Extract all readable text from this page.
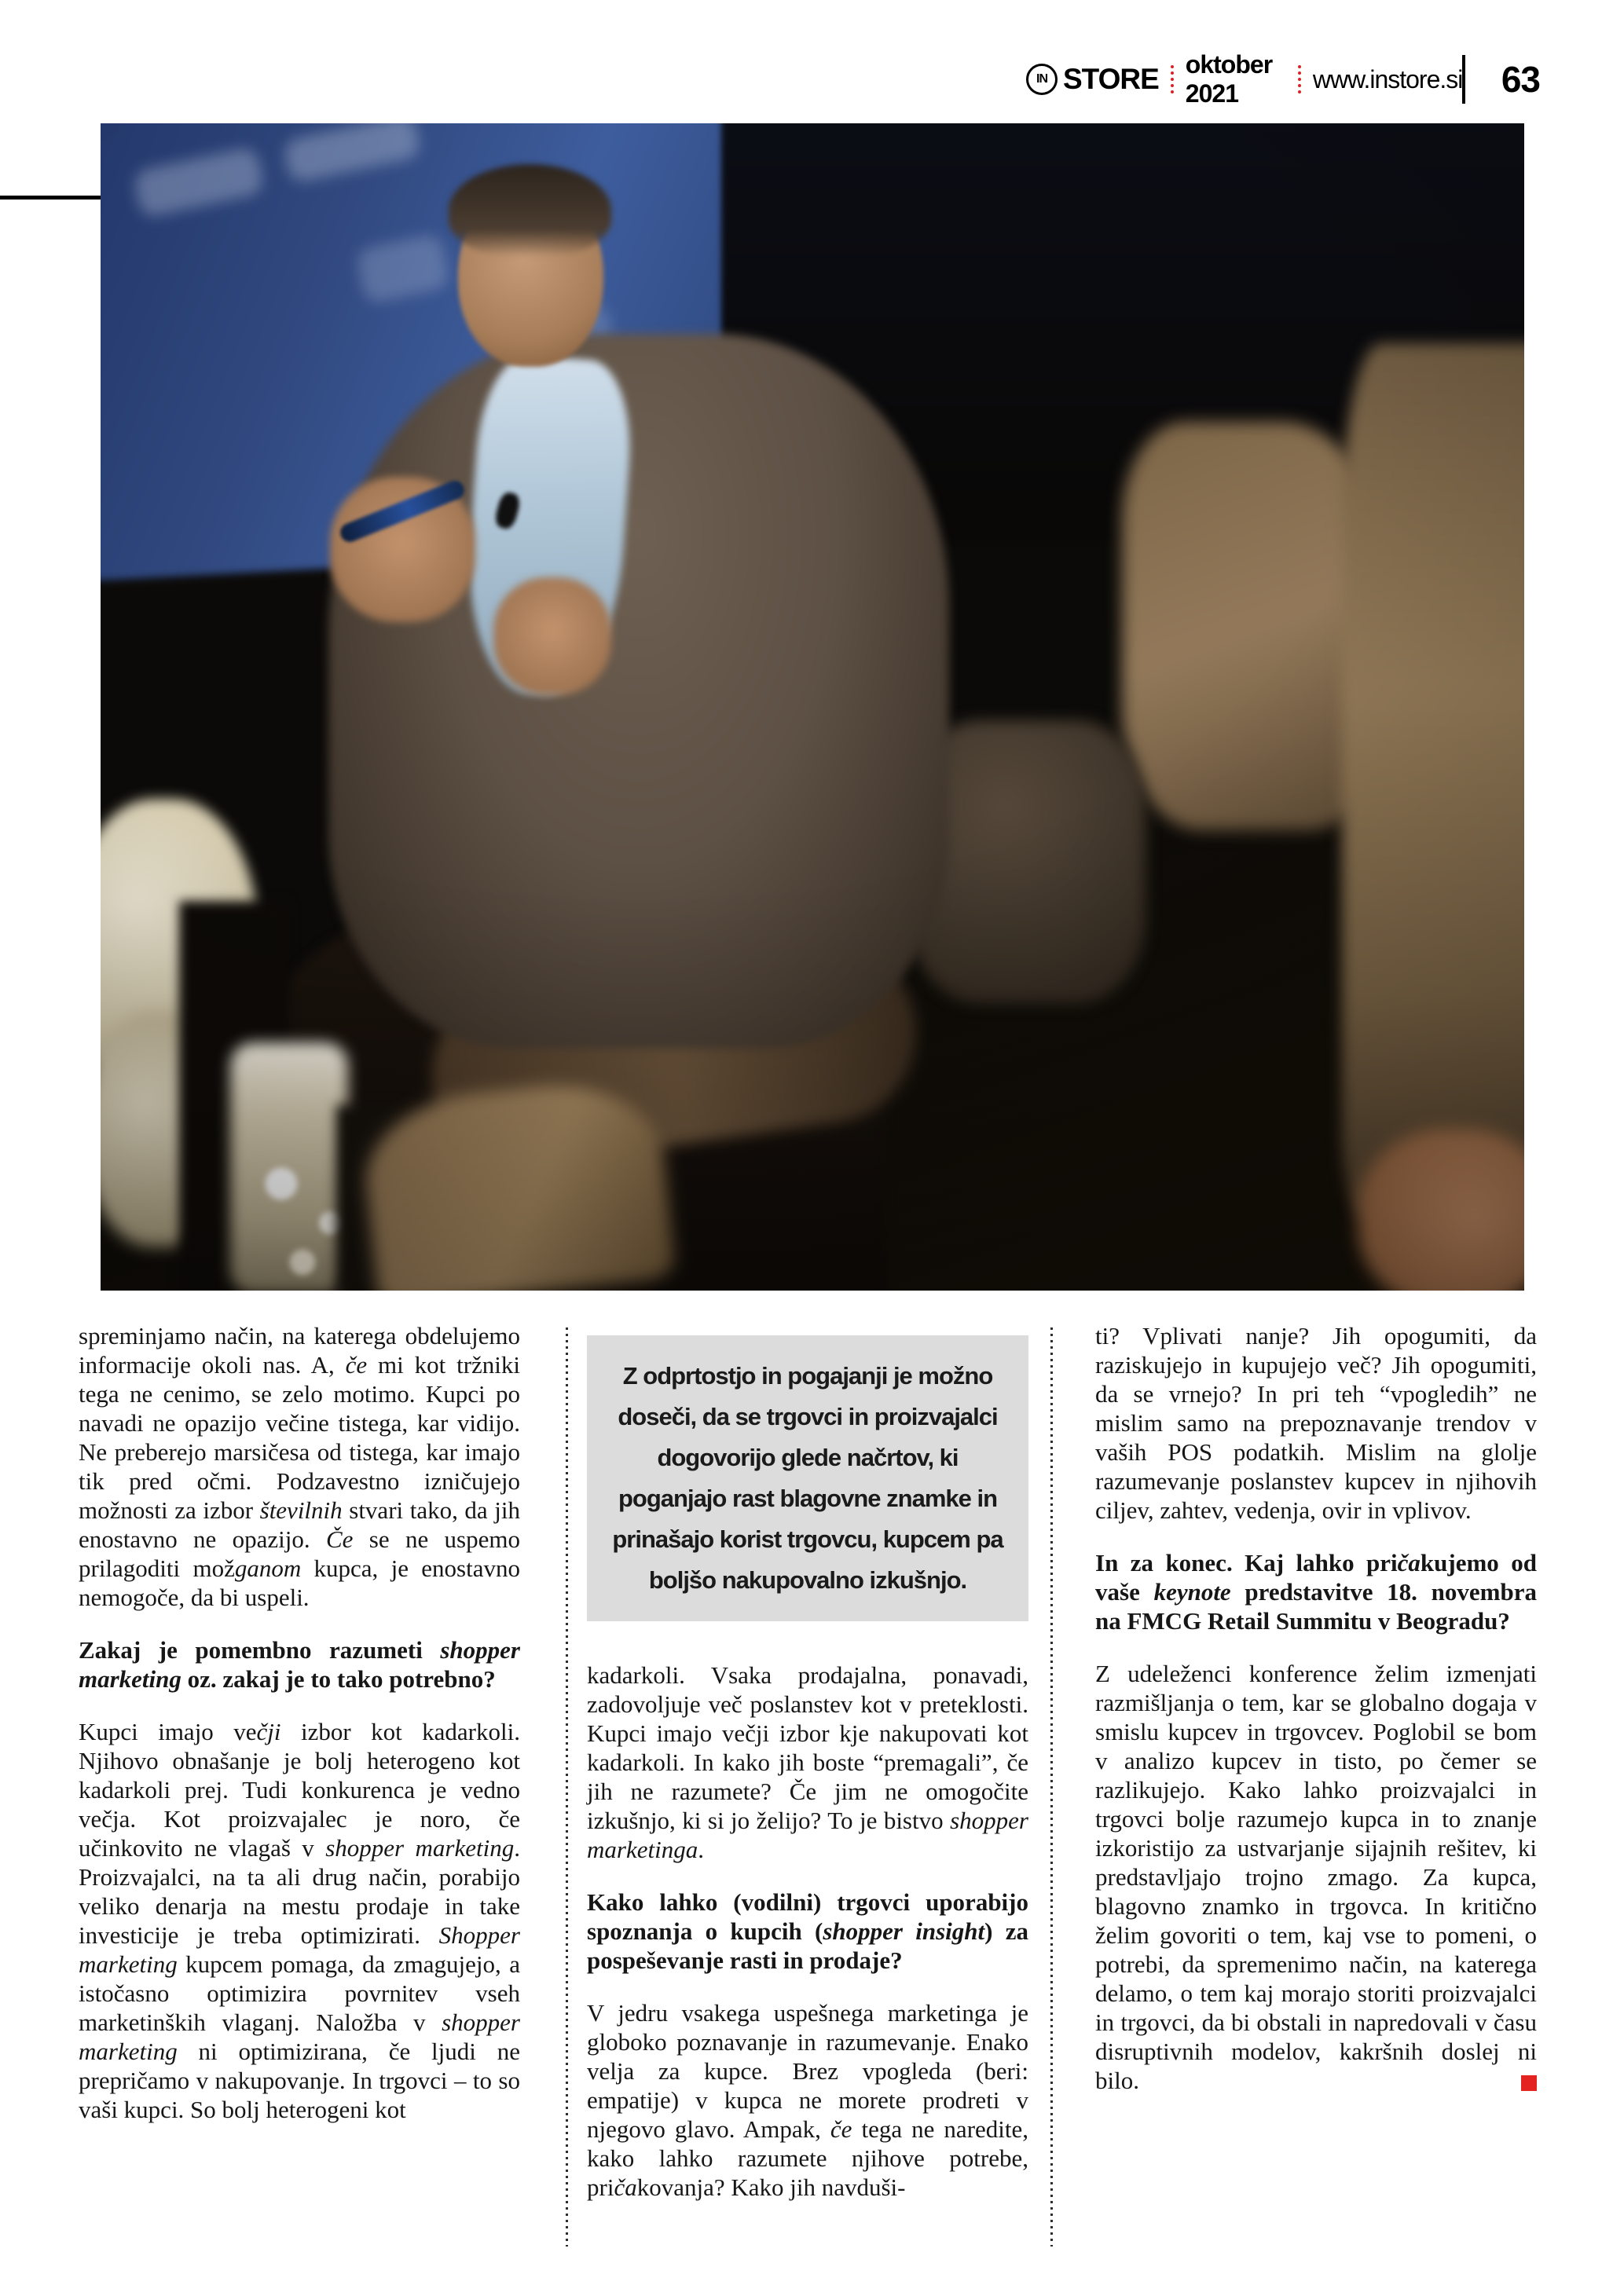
IN STORE oktober 2021
www.instore.si 63

spreminjamo način, na katerega obdelujemo informacije okoli nas. A, če mi kot tržniki tega ne cenimo, se zelo motimo. Kupci po navadi ne opazijo večine tistega, kar vidijo. Ne preberejo marsičesa od tistega, kar imajo tik pred očmi. Podzavestno izničujejo možnosti za izbor številnih stvari tako, da jih enostavno ne opazijo. Če se ne uspemo prilagoditi možganom kupca, je enostavno nemogoče, da bi uspeli.

Zakaj je pomembno razumeti shopper marketing oz. zakaj je to tako potrebno?

Kupci imajo večji izbor kot kadarkoli. Njihovo obnašanje je bolj heterogeno kot kadarkoli prej. Tudi konkurenca je vedno večja. Kot proizvajalec je noro, če učinkovito ne vlagaš v shopper marketing. Proizvajalci, na ta ali drug način, porabijo veliko denarja na mestu prodaje in take investicije je treba optimizirati. Shopper marketing kupcem pomaga, da zmagujejo, a istočasno optimizira povrnitev vseh marketinških vlaganj. Naložba v shopper marketing ni optimizirana, če ljudi ne prepričamo v nakupovanje. In trgovci – to so vaši kupci. So bolj heterogeni kot

Z odprtostjo in pogajanji je možno doseči, da se trgovci in proizvajalci dogovorijo glede načrtov, ki poganjajo rast blagovne znamke in prinašajo korist trgovcu, kupcem pa boljšo nakupovalno izkušnjo.

kadarkoli. Vsaka prodajalna, ponavadi, zadovoljuje več poslanstev kot v preteklosti. Kupci imajo večji izbor kje nakupovati kot kadarkoli. In kako jih boste “premagali”, če jih ne razumete? Če jim ne omogočite izkušnjo, ki si jo želijo? To je bistvo shopper marketinga.

Kako lahko (vodilni) trgovci uporabijo spoznanja o kupcih (shopper insight) za pospeševanje rasti in prodaje?

V jedru vsakega uspešnega marketinga je globoko poznavanje in razumevanje. Enako velja za kupce. Brez vpogleda (beri: empatije) v kupca ne morete prodreti v njegovo glavo. Ampak, če tega ne naredite, kako lahko razumete njihove potrebe, pričakovanja? Kako jih navduši-

ti? Vplivati nanje? Jih opogumiti, da raziskujejo in kupujejo več? Jih opogumiti, da se vrnejo? In pri teh “vpogledih” ne mislim samo na prepoznavanje trendov v vaših POS podatkih. Mislim na glolje razumevanje poslanstev kupcev in njihovih ciljev, zahtev, vedenja, ovir in vplivov.

In za konec. Kaj lahko pričakujemo od vaše keynote predstavitve 18. novembra na FMCG Retail Summitu v Beogradu?

Z udeleženci konference želim izmenjati razmišljanja o tem, kar se globalno dogaja v smislu kupcev in trgovcev. Poglobil se bom v analizo kupcev in tisto, po čemer se razlikujejo. Kako lahko proizvajalci in trgovci bolje razumejo kupca in to znanje izkoristijo za ustvarjanje sijajnih rešitev, ki predstavljajo trojno zmago. Za kupca, blagovno znamko in trgovca. In kritično želim govoriti o tem, kaj vse to pomeni, o potrebi, da spremenimo način, na katerega delamo, o tem kaj morajo storiti proizvajalci in trgovci, da bi obstali in napredovali v času disruptivnih modelov, kakršnih doslej ni bilo.
